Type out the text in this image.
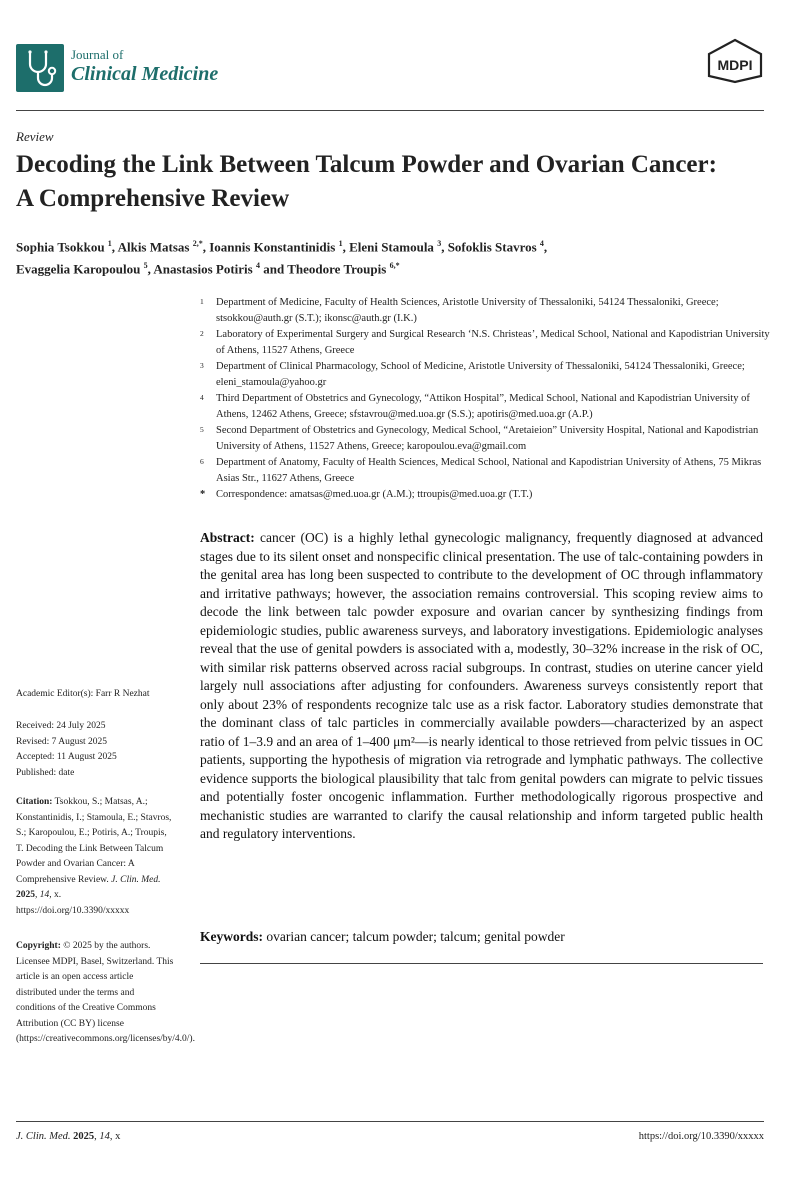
Journal of
Clinical Medicine	MDPI
Review
Decoding the Link Between Talcum Powder and Ovarian Cancer: A Comprehensive Review
Sophia Tsokkou $^1$, Alkis Matsas $^{2,*}$, Ioannis Konstantinidis $^1$, Eleni Stamoula $^3$, Sofoklis Stavros $^4$,
Evaggelia Karopoulou $^5$, Anastasios Potiris $^4$ and Theodore Troupis $^{6,*}$
1 Department of Medicine, Faculty of Health Sciences, Aristotle University of Thessaloniki, 54124 Thessaloniki, Greece; stsokkou@auth.gr (S.T.); ikonsc@auth.gr (I.K.)
2 Laboratory of Experimental Surgery and Surgical Research ‘N.S. Christeas’, Medical School, National and Kapodistrian University of Athens, 11527 Athens, Greece
3 Department of Clinical Pharmacology, School of Medicine, Aristotle University of Thessaloniki, 54124 Thessaloniki, Greece; eleni_stamoula@yahoo.gr
4 Third Department of Obstetrics and Gynecology, “Attikon Hospital”, Medical School, National and Kapodistrian University of Athens, 12462 Athens, Greece; sfstavrou@med.uoa.gr (S.S.); apotiris@med.uoa.gr (A.P.)
5 Second Department of Obstetrics and Gynecology, Medical School, “Aretaieion” University Hospital, National and Kapodistrian University of Athens, 11527 Athens, Greece; karopoulou.eva@gmail.com
6 Department of Anatomy, Faculty of Health Sciences, Medical School, National and Kapodistrian University of Athens, 75 Mikras Asias Str., 11627 Athens, Greece
* Correspondence: amatsas@med.uoa.gr (A.M.); ttroupis@med.uoa.gr (T.T.)
Academic Editor(s): Farr R Nezhat
Received: 24 July 2025
Revised: 7 August 2025
Accepted: 11 August 2025
Published: date
Citation: Tsokkou, S.; Matsas, A.; Konstantinidis, I.; Stamoula, E.; Stavros, S.; Karopoulou, E.; Potiris, A.; Troupis, T. Decoding the Link Between Talcum Powder and Ovarian Cancer: A Comprehensive Review. J. Clin. Med. 2025, 14, x. https://doi.org/10.3390/xxxxx
Copyright: © 2025 by the authors. Licensee MDPI, Basel, Switzerland. This article is an open access article distributed under the terms and conditions of the Creative Commons Attribution (CC BY) license (https://creativecommons.org/licenses/by/4.0/).

Abstract: cancer (OC) is a highly lethal gynecologic malignancy, frequently diagnosed at advanced stages due to its silent onset and nonspecific clinical presentation. The use of talc-containing powders in the genital area has long been suspected to contribute to the development of OC through inflammatory and irritative pathways; however, the association remains controversial. This scoping review aims to decode the link between talc powder exposure and ovarian cancer by synthesizing findings from epidemiologic studies, public awareness surveys, and laboratory investigations. Epidemiologic analyses reveal that the use of genital powders is associated with a, modestly, 30–32% increase in the risk of OC, with similar risk patterns observed across racial subgroups. In contrast, studies on uterine cancer yield largely null associations after adjusting for confounders. Awareness surveys consistently report that only about 23% of respondents recognize talc use as a risk factor. Laboratory studies demonstrate that the dominant class of talc particles in commercially available powders—characterized by an aspect ratio of 1–3.9 and an area of 1–400 μm²—is nearly identical to those retrieved from pelvic tissues in OC patients, supporting the hypothesis of migration via retrograde and lymphatic pathways. The collective evidence supports the biological plausibility that talc from genital powders can migrate to pelvic tissues and potentially foster oncogenic inflammation. Further methodologically rigorous prospective and mechanistic studies are warranted to clarify the causal relationship and inform targeted public health and regulatory interventions.

Keywords: ovarian cancer; talcum powder; talcum; genital powder

J. Clin. Med. 2025, 14, x	https://doi.org/10.3390/xxxxx
